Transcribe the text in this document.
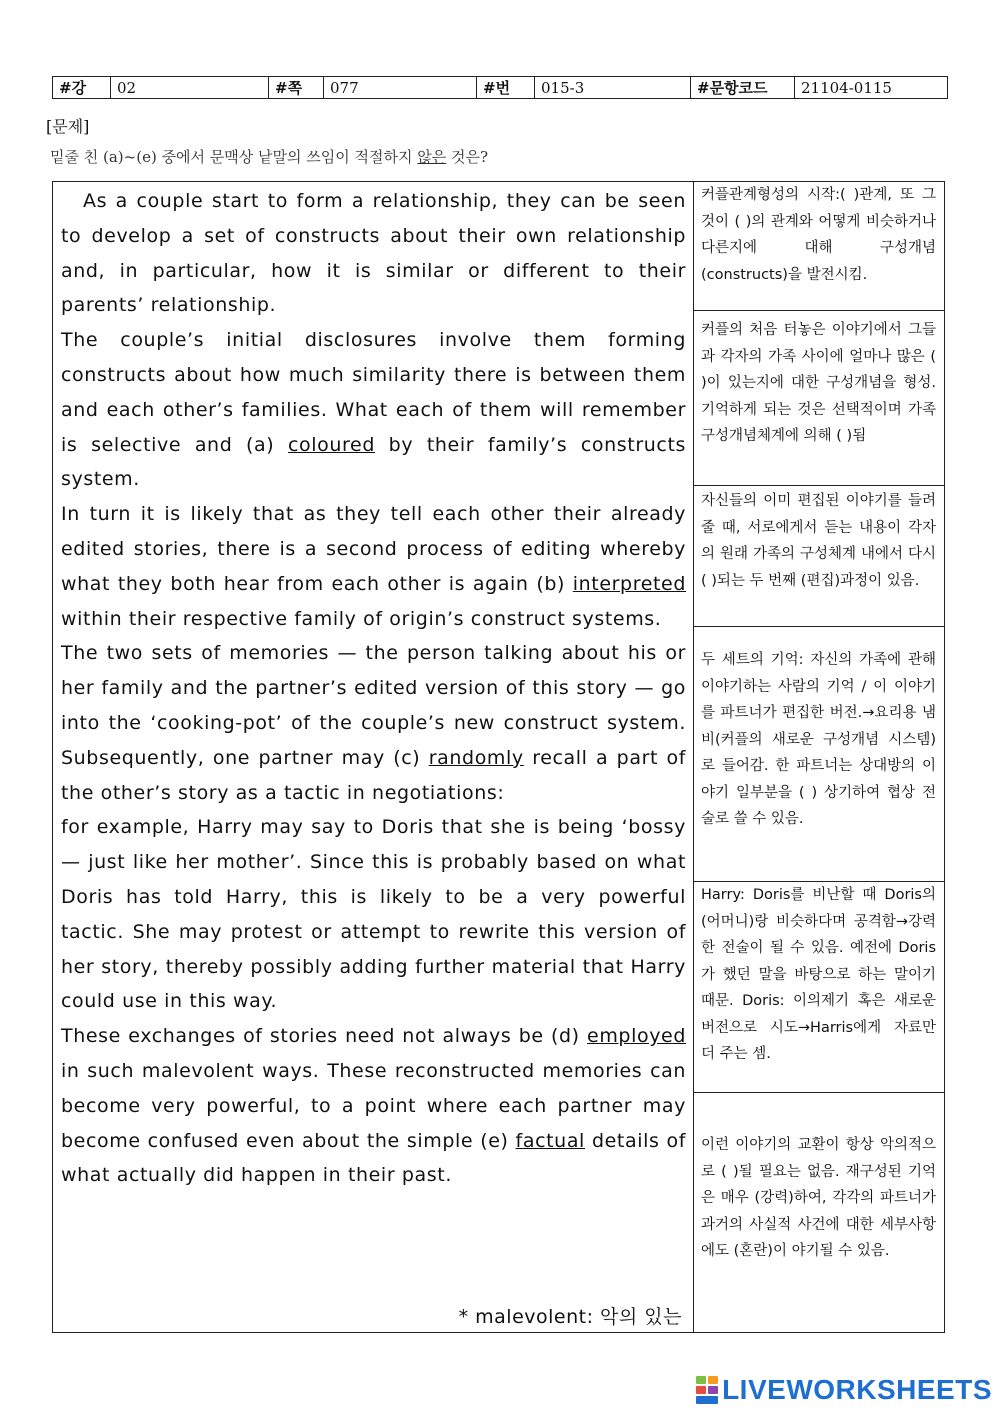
#강	02	#쪽	077	#번	015-3	#문항코드	21104-0115
[문제]
밑줄 친 (a)~(e) 중에서 문맥상 낱말의 쓰임이 적절하지 않은 것은?

As a couple start to form a relationship, they can be seen to develop a set of constructs about their own relationship and, in particular, how it is similar or different to their parents’ relationship.

The couple’s initial disclosures involve them forming constructs about how much similarity there is between them and each other’s families. What each of them will remember is selective and (a) coloured by their family’s constructs system.

In turn it is likely that as they tell each other their already edited stories, there is a second process of editing whereby what they both hear from each other is again (b) interpreted within their respective family of origin’s construct systems.

The two sets of memories — the person talking about his or her family and the partner’s edited version of this story — go into the ‘cooking-pot’ of the couple’s new construct system. Subsequently, one partner may (c) randomly recall a part of the other’s story as a tactic in negotiations:

for example, Harry may say to Doris that she is being ‘bossy — just like her mother’. Since this is probably based on what Doris has told Harry, this is likely to be a very powerful tactic. She may protest or attempt to rewrite this version of her story, thereby possibly adding further material that Harry could use in this way.

These exchanges of stories need not always be (d) employed in such malevolent ways. These reconstructed memories can become very powerful, to a point where each partner may become confused even about the simple (e) factual details of what actually did happen in their past.

* malevolent: 악의 있는
커플관계형성의 시작:( )관계, 또 그것이 ( )의 관계와 어떻게 비슷하거나 다른지에 대해 구성개념(constructs)을 발전시킴.
커플의 처음 터놓은 이야기에서 그들과 각자의 가족 사이에 얼마나 많은 ( )이 있는지에 대한 구성개념을 형성. 기억하게 되는 것은 선택적이며 가족 구성개념체계에 의해 ( )됨
자신들의 이미 편집된 이야기를 들려줄 때, 서로에게서 듣는 내용이 각자의 원래 가족의 구성체계 내에서 다시 ( )되는 두 번째 (편집)과정이 있음.
두 세트의 기억: 자신의 가족에 관해 이야기하는 사람의 기억 / 이 이야기를 파트너가 편집한 버전.→요리용 냄비(커플의 새로운 구성개념 시스템)로 들어감. 한 파트너는 상대방의 이야기 일부분을 ( ) 상기하여 협상 전술로 쓸 수 있음.
Harry: Doris를 비난할 때 Doris의 (어머니)랑 비슷하다며 공격함→강력한 전술이 될 수 있음. 예전에 Doris가 했던 말을 바탕으로 하는 말이기 때문. Doris: 이의제기 혹은 새로운 버전으로 시도→Harris에게 자료만 더 주는 셈.
이런 이야기의 교환이 항상 악의적으로 ( )될 필요는 없음. 재구성된 기억은 매우 (강력)하여, 각각의 파트너가 과거의 사실적 사건에 대한 세부사항에도 (혼란)이 야기될 수 있음.
LIVEWORKSHEETS
